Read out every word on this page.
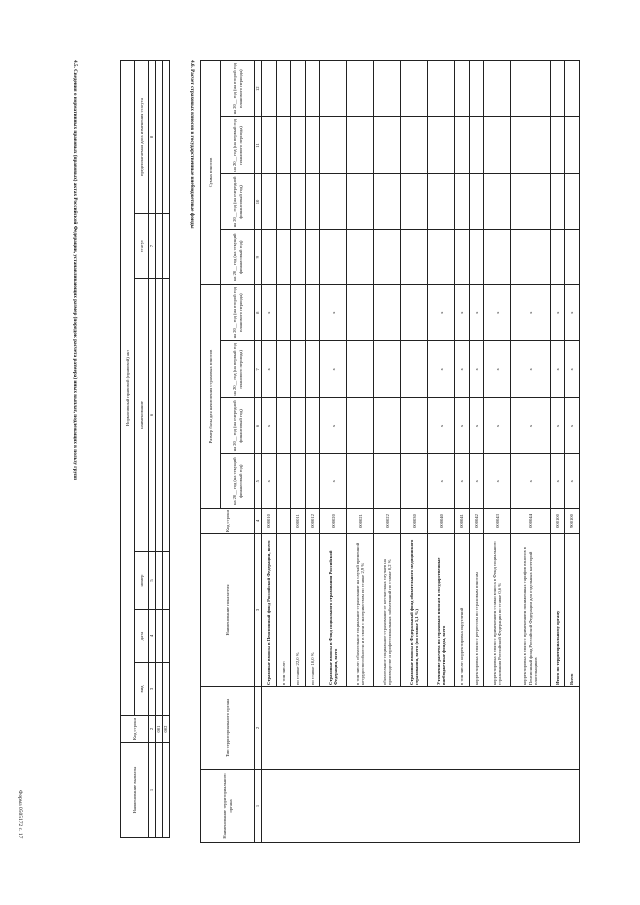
Форма 0505172 с. 17
4.5. Сведения о нормативных правовых (правовых) актах Российской Федерации, устанавливающих размер (порядок расчета размера) иных выплат, подлежащих в пользу групп
Наименование выплаты	Код строки	Нормативный правовой (правовой) акт					
		вид	дата	номер	наименование	статус	предполагаемая дата изменения статуса
1	2	3	4	5	6	7	8
	001						
	002						
4.6. Расчет страховых взносов в государственные внебюджетные фонды
Наименование территориального органа	Тип территориального органа	Наименование показателя	Код строки	Размер базы для начисления страховых взносов				Сумма взносов			
				на 20__ год (на текущий финансовый год)	на 20__ год (на очередной финансовый год)	на 20__ год (на первый год планового периода)	на 20__ год (на второй год планового периода)	на 20__ год (на текущий финансовый год)	на 20__ год (на очередной финансовый год)	на 20__ год (на первый год планового периода)	на 20__ год (на второй год планового периода)
1	2	3	4	5	6	7	8	9	10	11	12
		Страховые взносы в Пенсионный фонд Российской Федерации, всего	000010	x	x	x	x				
		в том числе:									
		по ставке 22,0 %	000011								
		по ставке 10,0 %	000012								
		Страховые взносы в Фонд социального страхования Российской Федерации, всего	000020	x	x	x	x				
		в том числе: обязательное социальное страхование на случай временной нетрудоспособности и в связи с материнством по ставке 2,9 %	000021								
		обязательное социальное страхование от несчастных случаев на производстве и профессиональных заболеваний по ставке 0,2 %	000022								
		Страховые взносы в Федеральный фонд обязательного медицинского страхования, всего (по ставке 5,1 %)	000030								
		Уточнение расчета по страховым взносам в государственные внебюджетные фонды, всего	000040	x	x	x	x				
		в том числе: корректировка округлений	000041	x	x	x	x				
		корректировка в связи с регрессом по страховым взносам	000042	x	x	x	x				
		корректировка в связи с применением ставки взноса в Фонд социального страхования Российской Федерации по ставке 0,6 %	000043	x	x	x	x				
		корректировка в связи с применением пониженных тарифов взносов в Пенсионный фонд Российской Федерации для отдельных категорий плательщиков	000044	x	x	x	x				
		Итого по территориальному органу	000100	x	x	x	x				
		Всего	900100	x	x	x	x				
